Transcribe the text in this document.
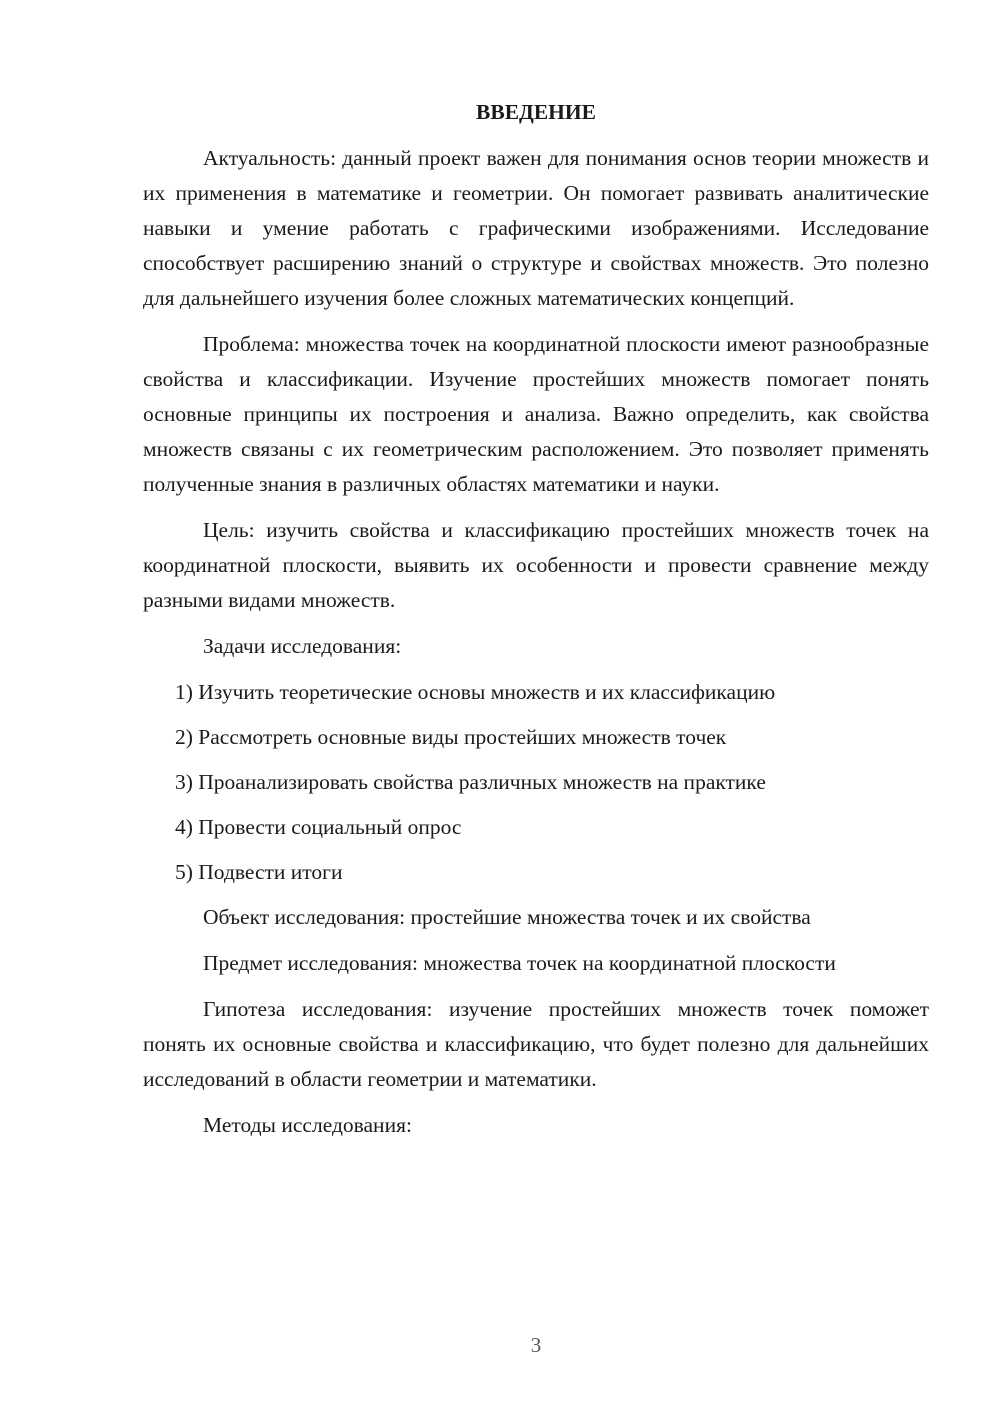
ВВЕДЕНИЕ

Актуальность: данный проект важен для понимания основ теории множеств и их применения в математике и геометрии. Он помогает развивать аналитические навыки и умение работать с графическими изображениями. Исследование способствует расширению знаний о структуре и свойствах множеств. Это полезно для дальнейшего изучения более сложных математических концепций.

Проблема: множества точек на координатной плоскости имеют разнообразные свойства и классификации. Изучение простейших множеств помогает понять основные принципы их построения и анализа. Важно определить, как свойства множеств связаны с их геометрическим расположением. Это позволяет применять полученные знания в различных областях математики и науки.

Цель: изучить свойства и классификацию простейших множеств точек на координатной плоскости, выявить их особенности и провести сравнение между разными видами множеств.

Задачи исследования:

1) Изучить теоретические основы множеств и их классификацию
2) Рассмотреть основные виды простейших множеств точек
3) Проанализировать свойства различных множеств на практике
4) Провести социальный опрос
5) Подвести итоги

Объект исследования: простейшие множества точек и их свойства

Предмет исследования: множества точек на координатной плоскости

Гипотеза исследования: изучение простейших множеств точек поможет понять их основные свойства и классификацию, что будет полезно для дальнейших исследований в области геометрии и математики.

Методы исследования:

3
